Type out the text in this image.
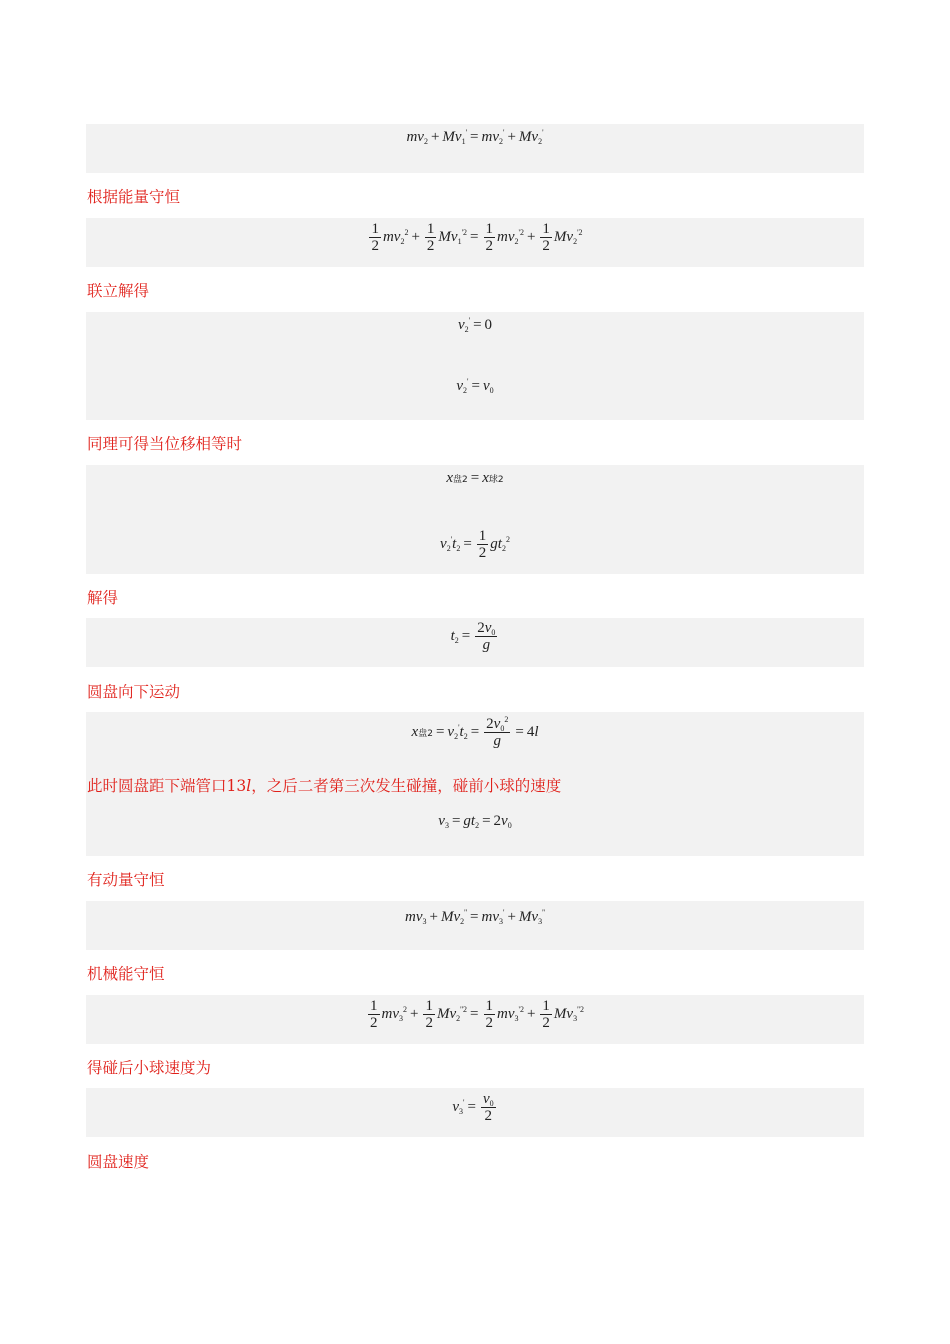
$mv_2 + Mv_1' = mv_2' + Mv_2'$
根据能量守恒
$\frac{1}{2} mv_2^2 + \frac{1}{2} Mv_1^{'2} = \frac{1}{2} mv_2^{'2} + \frac{1}{2} Mv_2^{'2}$
联立解得
$v_2' = 0$
$v_2' = v_0$
同理可得当位移相等时
x盘2 = x球2
$v_2't_2 = \frac{1}{2} gt_2^2$
解得
$t_2 = \frac{2v_0}{g}$
圆盘向下运动
x盘$2 = v_2't_2 = \frac{2v_0^2}{g} = 4l$
此时圆盘距下端管口13l，之后二者第三次发生碰撞，碰前小球的速度
$v_3 = gt_2 = 2v_0$
有动量守恒
$mv_3 + Mv_2'' = mv_3' + Mv_3''$
机械能守恒
$\frac{1}{2} mv_3^2 + \frac{1}{2} Mv_2^{''2} = \frac{1}{2} mv_3^{'2} + \frac{1}{2} Mv_3^{''2}$
得碰后小球速度为
$v_3' = \frac{v_0}{2}$
圆盘速度
